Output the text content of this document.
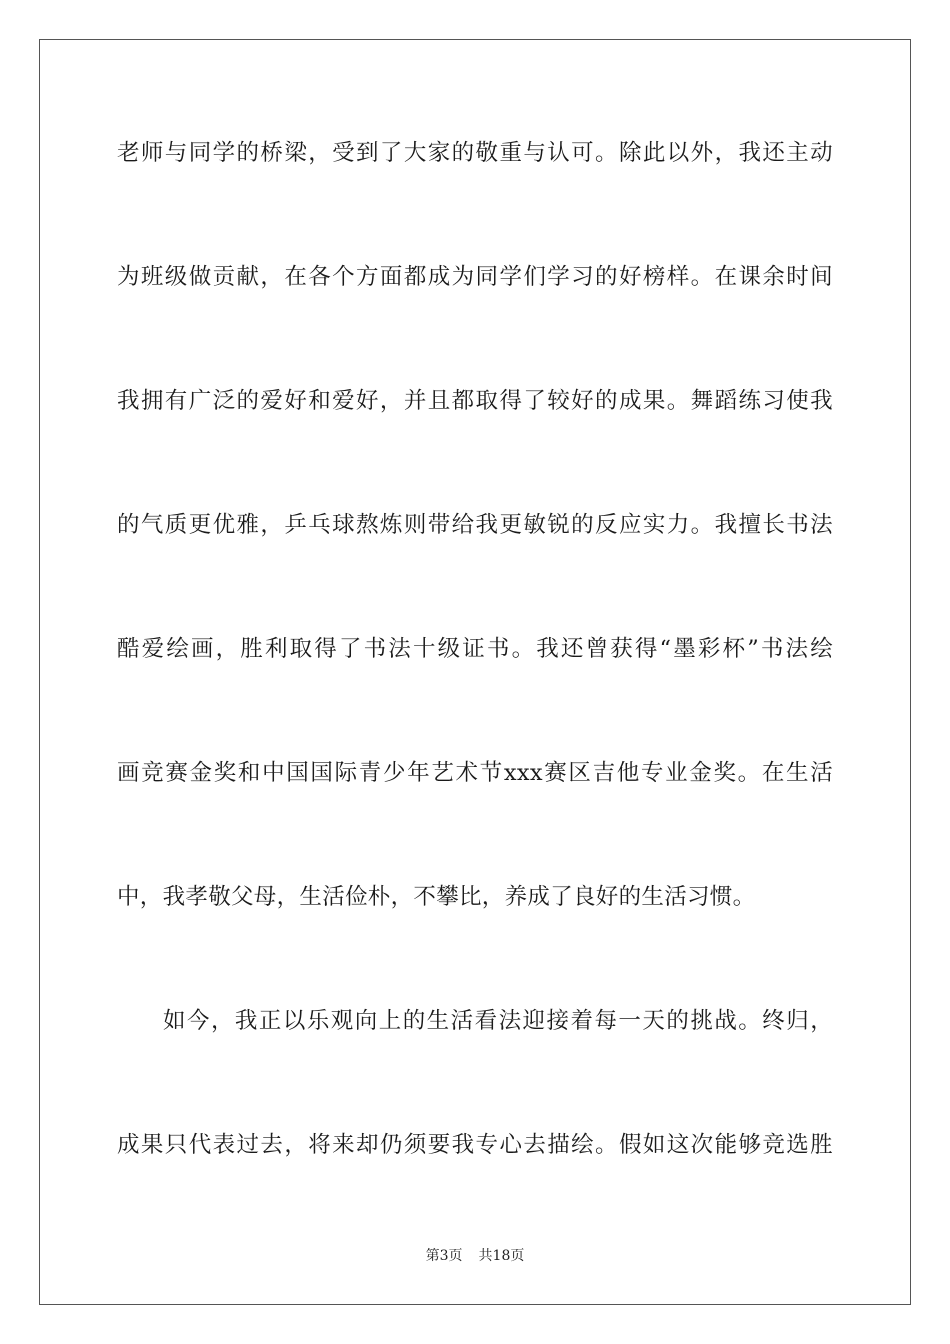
老师与同学的桥梁，受到了大家的敬重与认可。除此以外，我还主动
为班级做贡献，在各个方面都成为同学们学习的好榜样。在课余时间
我拥有广泛的爱好和爱好，并且都取得了较好的成果。舞蹈练习使我
的气质更优雅，乒乓球熬炼则带给我更敏锐的反应实力。我擅长书法
酷爱绘画，胜利取得了书法十级证书。我还曾获得“墨彩杯”书法绘
画竞赛金奖和中国国际青少年艺术节xxx赛区吉他专业金奖。在生活
中，我孝敬父母，生活俭朴，不攀比，养成了良好的生活习惯。
如今，我正以乐观向上的生活看法迎接着每一天的挑战。终归，
成果只代表过去，将来却仍须要我专心去描绘。假如这次能够竞选胜
第3页 共18页
